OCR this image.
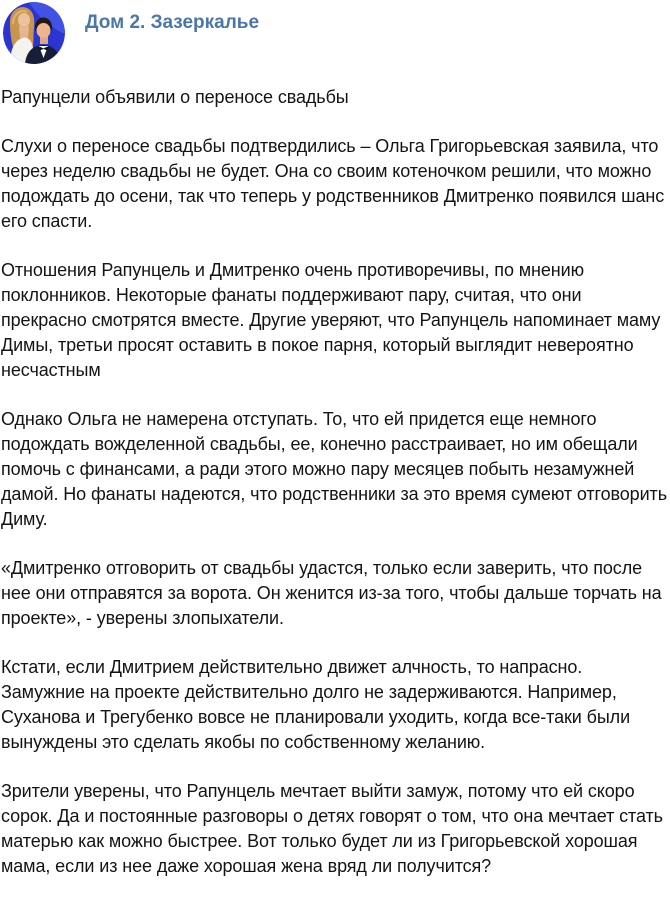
Дом 2. Зазеркалье

Рапунцели объявили о переносе свадьбы

Слухи о переносе свадьбы подтвердились – Ольга Григорьевская заявила, что через неделю свадьбы не будет. Она со своим котеночком решили, что можно подождать до осени, так что теперь у родственников Дмитренко появился шанс его спасти.

Отношения Рапунцель и Дмитренко очень противоречивы, по мнению поклонников. Некоторые фанаты поддерживают пару, считая, что они прекрасно смотрятся вместе. Другие уверяют, что Рапунцель напоминает маму Димы, третьи просят оставить в покое парня, который выглядит невероятно несчастным

Однако Ольга не намерена отступать. То, что ей придется еще немного подождать вожделенной свадьбы, ее, конечно расстраивает, но им обещали помочь с финансами, а ради этого можно пару месяцев побыть незамужней дамой. Но фанаты надеются, что родственники за это время сумеют отговорить Диму.

«Дмитренко отговорить от свадьбы удастся, только если заверить, что после нее они отправятся за ворота. Он женится из-за того, чтобы дальше торчать на проекте», - уверены злопыхатели.

Кстати, если Дмитрием действительно движет алчность, то напрасно. Замужние на проекте действительно долго не задерживаются. Например, Суханова и Трегубенко вовсе не планировали уходить, когда все-таки были вынуждены это сделать якобы по собственному желанию.

Зрители уверены, что Рапунцель мечтает выйти замуж, потому что ей скоро сорок. Да и постоянные разговоры о детях говорят о том, что она мечтает стать матерью как можно быстрее. Вот только будет ли из Григорьевской хорошая мама, если из нее даже хорошая жена вряд ли получится?
